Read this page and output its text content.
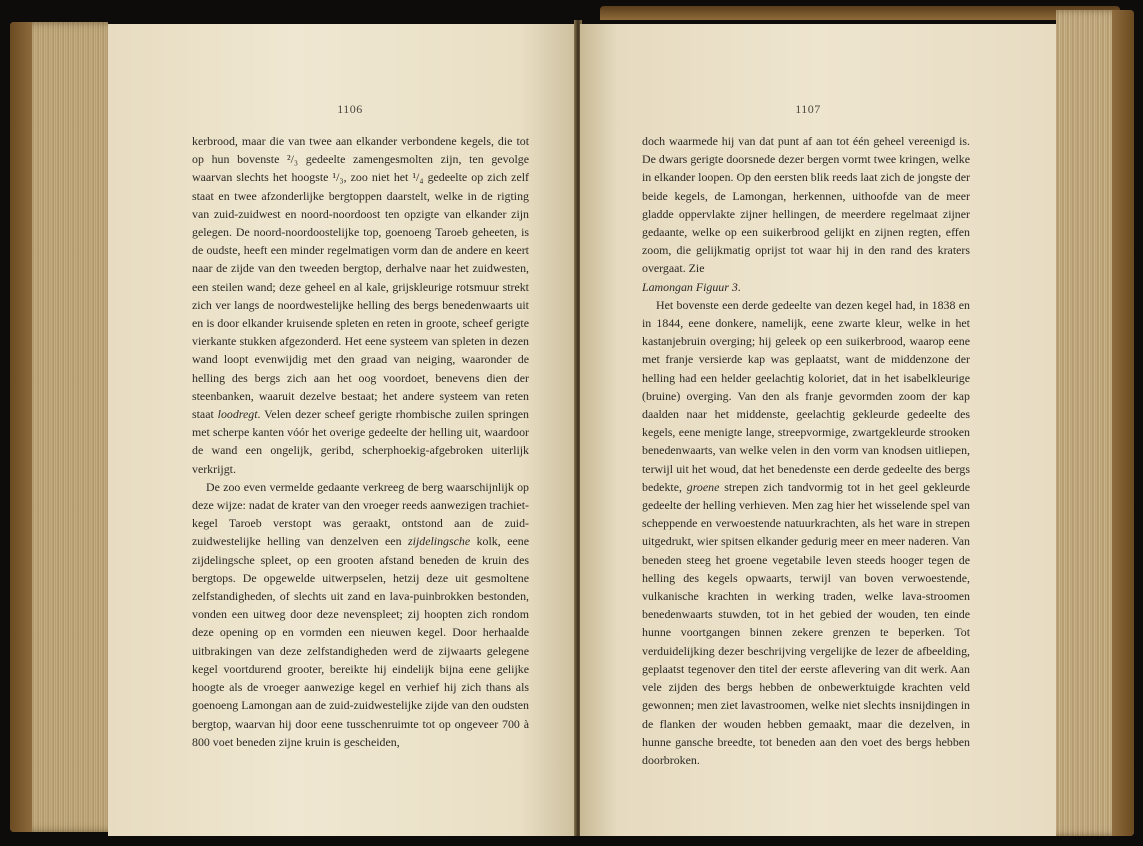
1106

kerbrood, maar die van twee aan elkander verbondene kegels, die tot op hun bovenste ²/₃ gedeelte zamengesmolten zijn, ten gevolge waarvan slechts het hoogste ¹/₃, zoo niet het ¹/₄ gedeelte op zich zelf staat en twee afzonderlijke bergtoppen daarstelt, welke in de rigting van zuid-zuidwest en noord-noordoost ten opzigte van elkander zijn gelegen. De noord-noordoostelijke top, goenoeng Taroeb geheeten, is de oudste, heeft een minder regelmatigen vorm dan de andere en keert naar de zijde van den tweeden bergtop, derhalve naar het zuidwesten, een steilen wand; deze geheel en al kale, grijskleurige rotsmuur strekt zich ver langs de noordwestelijke helling des bergs benedenwaarts uit en is door elkander kruisende spleten en reten in groote, scheef gerigte vierkante stukken afgezonderd. Het eene systeem van spleten in dezen wand loopt evenwijdig met den graad van neiging, waaronder de helling des bergs zich aan het oog voordoet, benevens dien der steenbanken, waaruit dezelve bestaat; het andere systeem van reten staat loodregt. Velen dezer scheef gerigte rhombische zuilen springen met scherpe kanten vóór het overige gedeelte der helling uit, waardoor de wand een ongelijk, geribd, scherphoekig-afgebroken uiterlijk verkrijgt.

De zoo even vermelde gedaante verkreeg de berg waarschijnlijk op deze wijze: nadat de krater van den vroeger reeds aanwezigen trachiet-kegel Taroeb verstopt was geraakt, ontstond aan de zuid-zuidwestelijke helling van denzelven een zijdelingsche kolk, eene zijdelingsche spleet, op een grooten afstand beneden de kruin des bergtops. De opgewelde uitwerpselen, hetzij deze uit gesmoltene zelfstandigheden, of slechts uit zand en lava-puinbrokken bestonden, vonden een uitweg door deze nevenspleet; zij hoopten zich rondom deze opening op en vormden een nieuwen kegel. Door herhaalde uitbrakingen van deze zelfstandigheden werd de zijwaarts gelegene kegel voortdurend grooter, bereikte hij eindelijk bijna eene gelijke hoogte als de vroeger aanwezige kegel en verhief hij zich thans als goenoeng Lamongan aan de zuid-zuidwestelijke zijde van den oudsten bergtop, waarvan hij door eene tusschenruimte tot op ongeveer 700 à 800 voet beneden zijne kruin is gescheiden,

1107

doch waarmede hij van dat punt af aan tot één geheel vereenigd is. De dwars gerigte doorsnede dezer bergen vormt twee kringen, welke in elkander loopen. Op den eersten blik reeds laat zich de jongste der beide kegels, de Lamongan, herkennen, uithoofde van de meer gladde oppervlakte zijner hellingen, de meerdere regelmaat zijner gedaante, welke op een suikerbrood gelijkt en zijnen regten, effen zoom, die gelijkmatig oprijst tot waar hij in den rand des kraters overgaat. Zie
Lamongan Figuur 3.

Het bovenste een derde gedeelte van dezen kegel had, in 1838 en in 1844, eene donkere, namelijk, eene zwarte kleur, welke in het kastanjebruin overging; hij geleek op een suikerbrood, waarop eene met franje versierde kap was geplaatst, want de middenzone der helling had een helder geelachtig koloriet, dat in het isabelkleurige (bruine) overging. Van den als franje gevormden zoom der kap daalden naar het middenste, geelachtig gekleurde gedeelte des kegels, eene menigte lange, streepvormige, zwartgekleurde strooken benedenwaarts, van welke velen in den vorm van knodsen uitliepen, terwijl uit het woud, dat het benedenste een derde gedeelte des bergs bedekte, groene strepen zich tandvormig tot in het geel gekleurde gedeelte der helling verhieven. Men zag hier het wisselende spel van scheppende en verwoestende natuurkrachten, als het ware in strepen uitgedrukt, wier spitsen elkander gedurig meer en meer naderen. Van beneden steeg het groene vegetabile leven steeds hooger tegen de helling des kegels opwaarts, terwijl van boven verwoestende, vulkanische krachten in werking traden, welke lava-stroomen benedenwaarts stuwden, tot in het gebied der wouden, ten einde hunne voortgangen binnen zekere grenzen te beperken. Tot verduidelijking dezer beschrijving vergelijke de lezer de afbeelding, geplaatst tegenover den titel der eerste aflevering van dit werk. Aan vele zijden des bergs hebben de onbewerktuigde krachten veld gewonnen; men ziet lavastroomen, welke niet slechts insnijdingen in de flanken der wouden hebben gemaakt, maar die dezelven, in hunne gansche breedte, tot beneden aan den voet des bergs hebben doorbroken.
